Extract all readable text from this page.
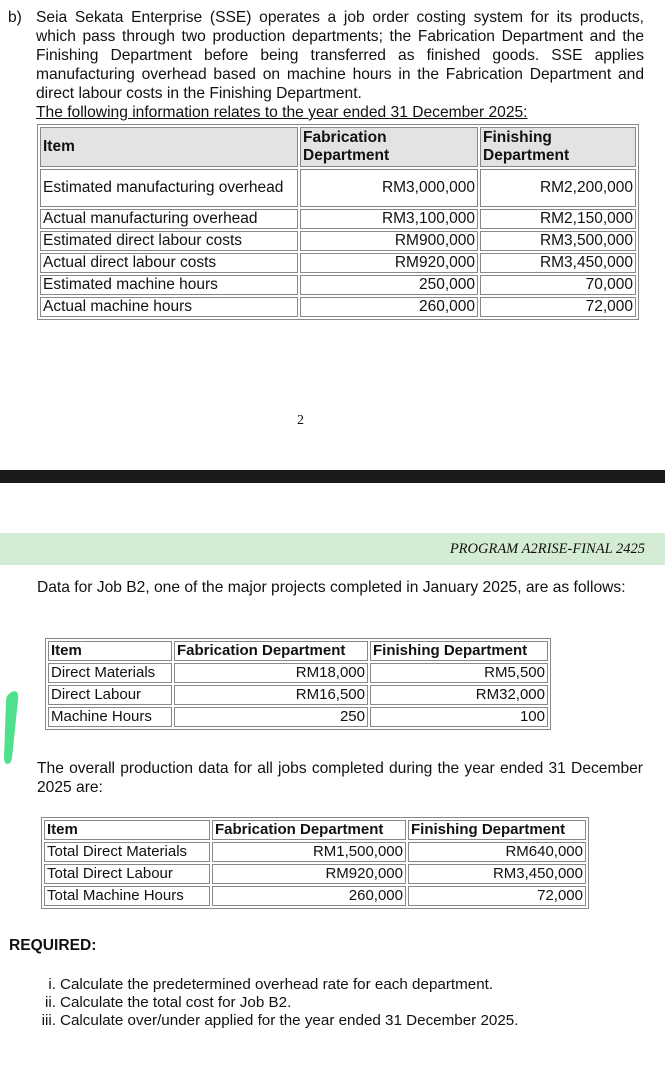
b) Seia Sekata Enterprise (SSE) operates a job order costing system for its products, which pass through two production departments; the Fabrication Department and the Finishing Department before being transferred as finished goods. SSE applies manufacturing overhead based on machine hours in the Fabrication Department and direct labour costs in the Finishing Department.
The following information relates to the year ended 31 December 2025:
Item	Fabrication Department	Finishing Department
Estimated manufacturing overhead	RM3,000,000	RM2,200,000
Actual manufacturing overhead	RM3,100,000	RM2,150,000
Estimated direct labour costs	RM900,000	RM3,500,000
Actual direct labour costs	RM920,000	RM3,450,000
Estimated machine hours	250,000	70,000
Actual machine hours	260,000	72,000
2
PROGRAM A2RISE-FINAL 2425
Data for Job B2, one of the major projects completed in January 2025, are as follows:
Item	Fabrication Department	Finishing Department
Direct Materials	RM18,000	RM5,500
Direct Labour	RM16,500	RM32,000
Machine Hours	250	100
The overall production data for all jobs completed during the year ended 31 December 2025 are:
Item	Fabrication Department	Finishing Department
Total Direct Materials	RM1,500,000	RM640,000
Total Direct Labour	RM920,000	RM3,450,000
Total Machine Hours	260,000	72,000
REQUIRED:
i. Calculate the predetermined overhead rate for each department.
ii. Calculate the total cost for Job B2.
iii. Calculate over/under applied for the year ended 31 December 2025.
